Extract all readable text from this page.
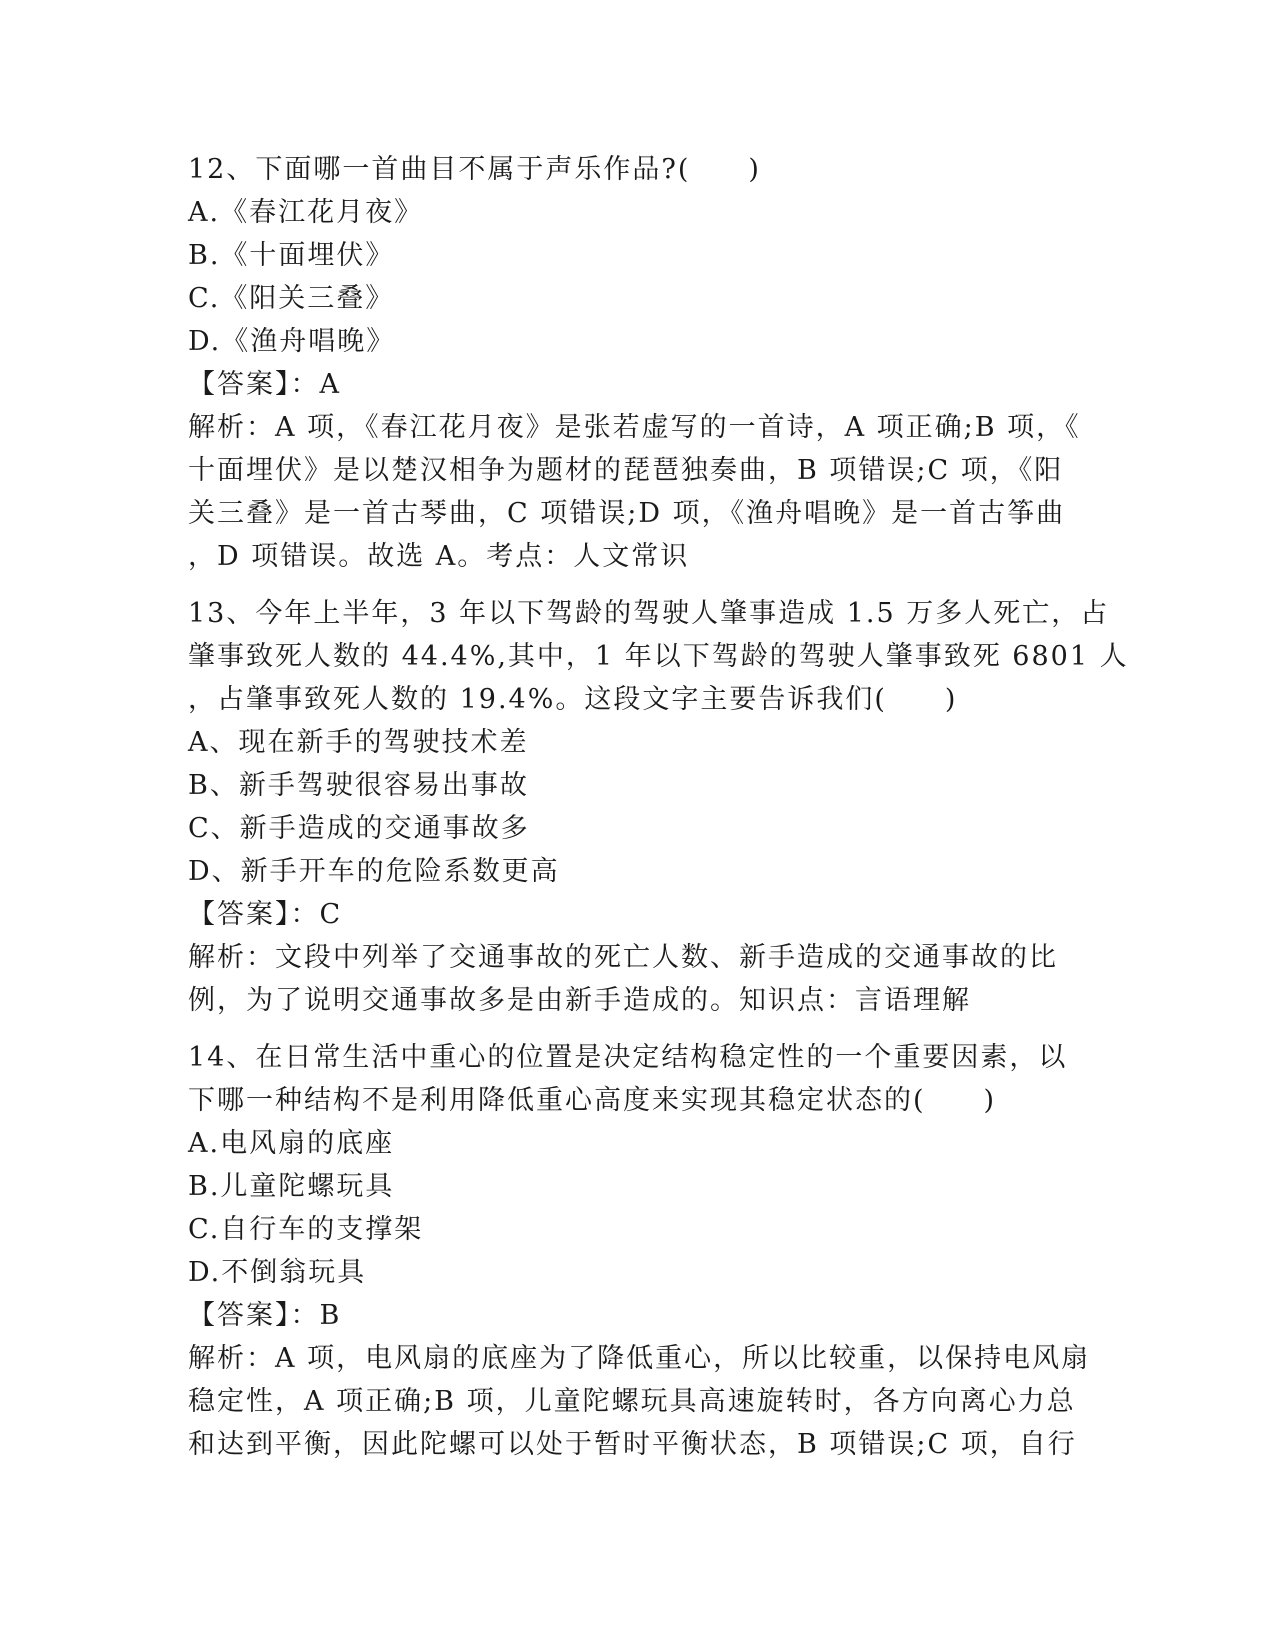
12、下面哪一首曲目不属于声乐作品?(　　)
A.《春江花月夜》
B.《十面埋伏》
C.《阳关三叠》
D.《渔舟唱晚》
【答案】：A
解析：A 项，《春江花月夜》是张若虚写的一首诗，A 项正确;B 项，《
十面埋伏》是以楚汉相争为题材的琵琶独奏曲，B 项错误;C 项，《阳
关三叠》是一首古琴曲，C 项错误;D 项，《渔舟唱晚》是一首古筝曲
，D 项错误。故选 A。考点：人文常识
13、今年上半年，3 年以下驾龄的驾驶人肇事造成 1.5 万多人死亡，占
肇事致死人数的 44.4%,其中，1 年以下驾龄的驾驶人肇事致死 6801 人
，占肇事致死人数的 19.4%。这段文字主要告诉我们(　　)
A、现在新手的驾驶技术差
B、新手驾驶很容易出事故
C、新手造成的交通事故多
D、新手开车的危险系数更高
【答案】：C
解析：文段中列举了交通事故的死亡人数、新手造成的交通事故的比
例，为了说明交通事故多是由新手造成的。知识点：言语理解
14、在日常生活中重心的位置是决定结构稳定性的一个重要因素，以
下哪一种结构不是利用降低重心高度来实现其稳定状态的(　　)
A.电风扇的底座
B.儿童陀螺玩具
C.自行车的支撑架
D.不倒翁玩具
【答案】：B
解析：A 项，电风扇的底座为了降低重心，所以比较重，以保持电风扇
稳定性，A 项正确;B 项，儿童陀螺玩具高速旋转时，各方向离心力总
和达到平衡，因此陀螺可以处于暂时平衡状态，B 项错误;C 项，自行
